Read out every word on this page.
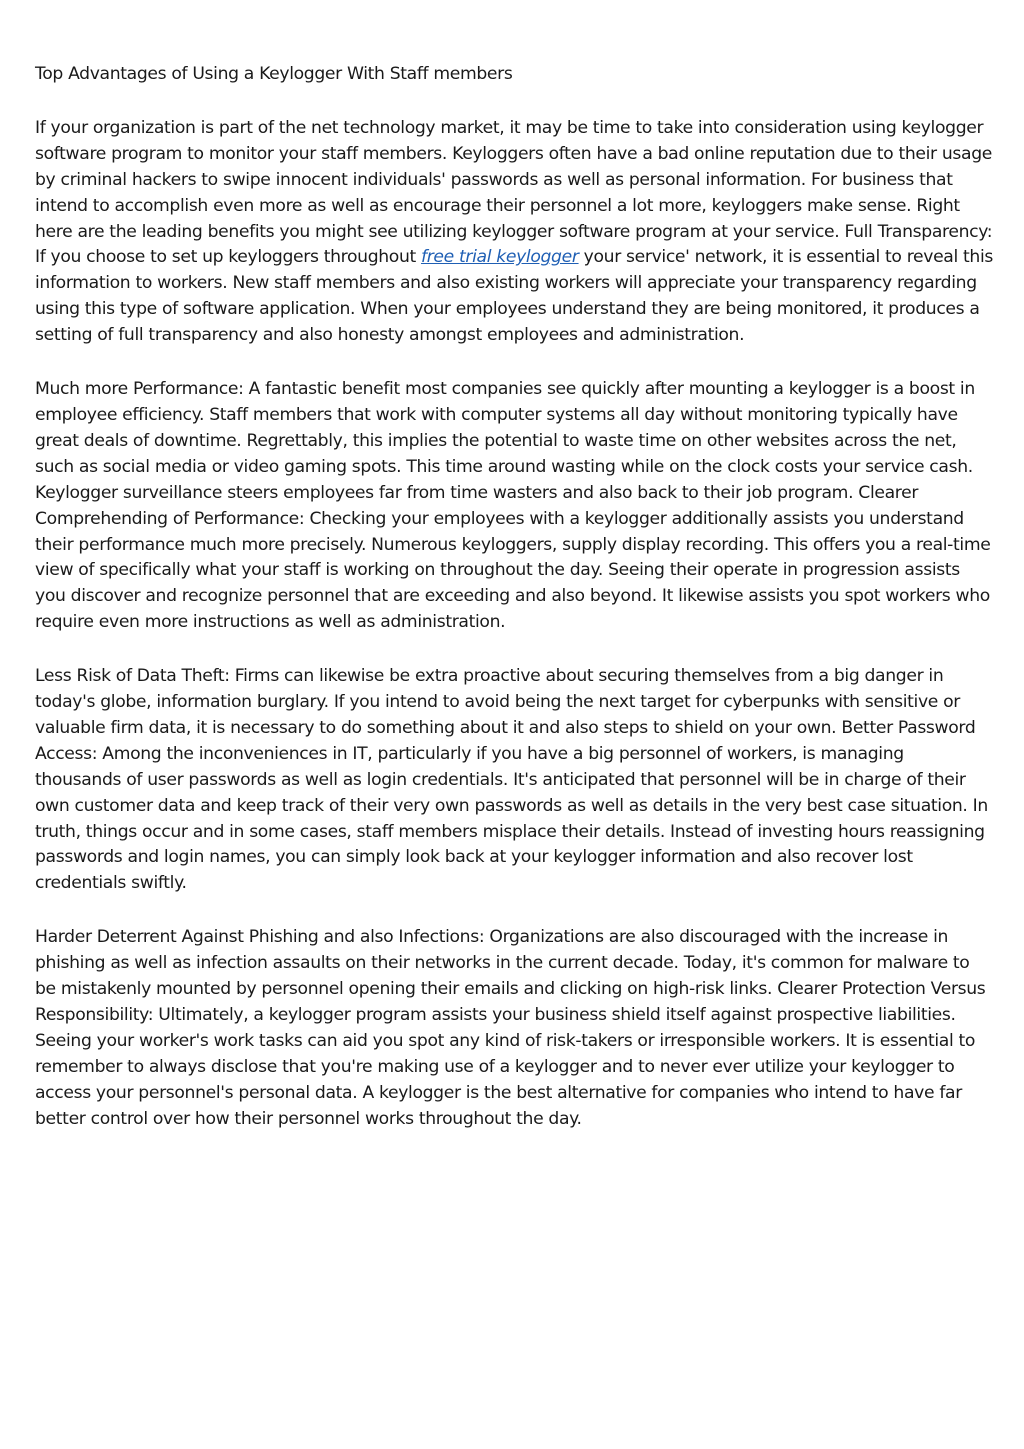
Top Advantages of Using a Keylogger With Staff members

If your organization is part of the net technology market, it may be time to take into consideration using keylogger software program to monitor your staff members. Keyloggers often have a bad online reputation due to their usage by criminal hackers to swipe innocent individuals' passwords as well as personal information. For business that intend to accomplish even more as well as encourage their personnel a lot more, keyloggers make sense. Right here are the leading benefits you might see utilizing keylogger software program at your service. Full Transparency: If you choose to set up keyloggers throughout free trial keylogger your service' network, it is essential to reveal this information to workers. New staff members and also existing workers will appreciate your transparency regarding using this type of software application. When your employees understand they are being monitored, it produces a setting of full transparency and also honesty amongst employees and administration.

Much more Performance: A fantastic benefit most companies see quickly after mounting a keylogger is a boost in employee efficiency. Staff members that work with computer systems all day without monitoring typically have great deals of downtime. Regrettably, this implies the potential to waste time on other websites across the net, such as social media or video gaming spots. This time around wasting while on the clock costs your service cash. Keylogger surveillance steers employees far from time wasters and also back to their job program. Clearer Comprehending of Performance: Checking your employees with a keylogger additionally assists you understand their performance much more precisely. Numerous keyloggers, supply display recording. This offers you a real-time view of specifically what your staff is working on throughout the day. Seeing their operate in progression assists you discover and recognize personnel that are exceeding and also beyond. It likewise assists you spot workers who require even more instructions as well as administration.

Less Risk of Data Theft: Firms can likewise be extra proactive about securing themselves from a big danger in today's globe, information burglary. If you intend to avoid being the next target for cyberpunks with sensitive or valuable firm data, it is necessary to do something about it and also steps to shield on your own. Better Password Access: Among the inconveniences in IT, particularly if you have a big personnel of workers, is managing thousands of user passwords as well as login credentials. It's anticipated that personnel will be in charge of their own customer data and keep track of their very own passwords as well as details in the very best case situation. In truth, things occur and in some cases, staff members misplace their details. Instead of investing hours reassigning passwords and login names, you can simply look back at your keylogger information and also recover lost credentials swiftly.

Harder Deterrent Against Phishing and also Infections: Organizations are also discouraged with the increase in phishing as well as infection assaults on their networks in the current decade. Today, it's common for malware to be mistakenly mounted by personnel opening their emails and clicking on high-risk links. Clearer Protection Versus Responsibility: Ultimately, a keylogger program assists your business shield itself against prospective liabilities. Seeing your worker's work tasks can aid you spot any kind of risk-takers or irresponsible workers. It is essential to remember to always disclose that you're making use of a keylogger and to never ever utilize your keylogger to access your personnel's personal data. A keylogger is the best alternative for companies who intend to have far better control over how their personnel works throughout the day.
